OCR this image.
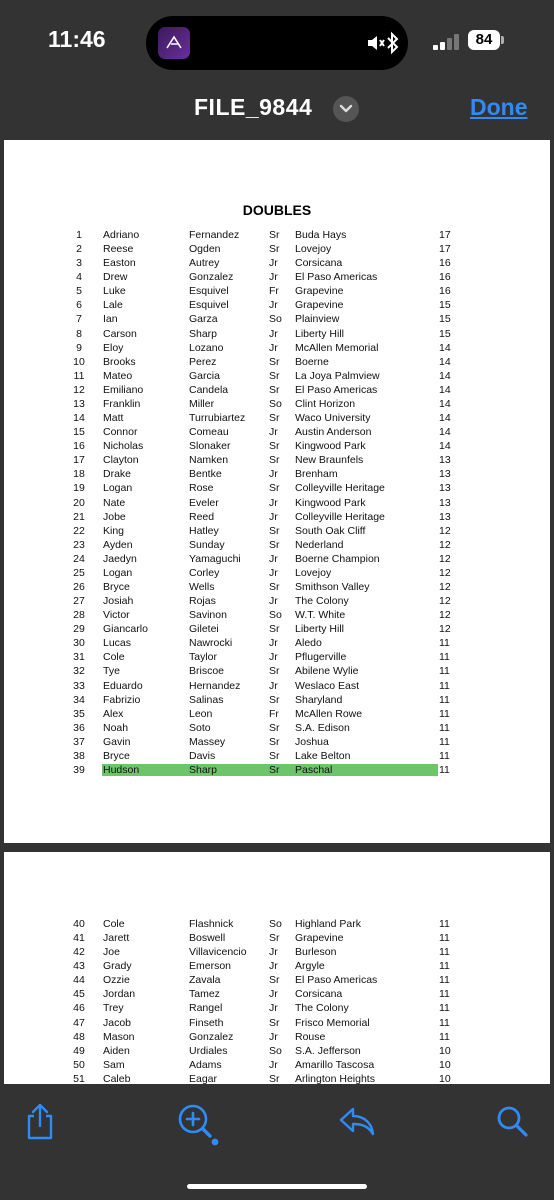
11:46	84
FILE_9844	Done
DOUBLES
1	Adriano	Fernandez	Sr Buda Hays	17
2	Reese	Ogden	Sr Lovejoy	17
3	Easton	Autrey	Jr Corsicana	16
4	Drew	Gonzalez	Jr El Paso Americas	16
5	Luke	Esquivel	Fr Grapevine	16
6	Lale	Esquivel	Jr Grapevine	15
7	Ian	Garza	So Plainview	15
8	Carson	Sharp	Jr Liberty Hill	15
9	Eloy	Lozano	Jr McAllen Memorial	14
10	Brooks	Perez	Sr Boerne	14
11	Mateo	Garcia	Sr La Joya Palmview	14
12	Emiliano	Candela	Sr El Paso Americas	14
13	Franklin	Miller	So Clint Horizon	14
14	Matt	Turrubiartez Sr Waco University	14
15	Connor	Comeau	Jr Austin Anderson	14
16	Nicholas	Slonaker	Sr Kingwood Park	14
17	Clayton	Namken	Sr New Braunfels	13
18	Drake	Bentke	Jr Brenham	13
19	Logan	Rose	Sr Colleyville Heritage	13
20	Nate	Eveler	Jr Kingwood Park	13
21	Jobe	Reed	Jr Colleyville Heritage	13
22	King	Hatley	Sr South Oak Cliff	12
23	Ayden	Sunday	Sr Nederland	12
24	Jaedyn	Yamaguchi	Jr Boerne Champion	12
25	Logan	Corley	Jr Lovejoy	12
26	Bryce	Wells	Sr Smithson Valley	12
27	Josiah	Rojas	Jr The Colony	12
28	Victor	Savinon	So W.T. White	12
29	Giancarlo	Giletei	Sr Liberty Hill	12
30	Lucas	Nawrocki	Jr Aledo	11
31	Cole	Taylor	Jr Pflugerville	11
32	Tye	Briscoe	Sr Abilene Wylie	11
33	Eduardo	Hernandez	Jr Weslaco East	11
34	Fabrizio	Salinas	Sr Sharyland	11
35	Alex	Leon	Fr McAllen Rowe	11
36	Noah	Soto	Sr S.A. Edison	11
37	Gavin	Massey	Sr Joshua	11
38	Bryce	Davis	Sr Lake Belton	11
39	Hudson	Sharp	Sr Paschal	11
40	Cole	Flashnick	So Highland Park	11
41	Jarett	Boswell	Sr Grapevine	11
42	Joe	Villavicencio Jr Burleson	11
43	Grady	Emerson	Jr Argyle	11
44	Ozzie	Zavala	Sr El Paso Americas	11
45	Jordan	Tamez	Jr Corsicana	11
46	Trey	Rangel	Jr The Colony	11
47	Jacob	Finseth	Sr Frisco Memorial	11
48	Mason	Gonzalez	Jr Rouse	11
49	Aiden	Urdiales	So S.A. Jefferson	10
50	Sam	Adams	Jr Amarillo Tascosa	10
51	Caleb	Eagar	Sr Arlington Heights	10
